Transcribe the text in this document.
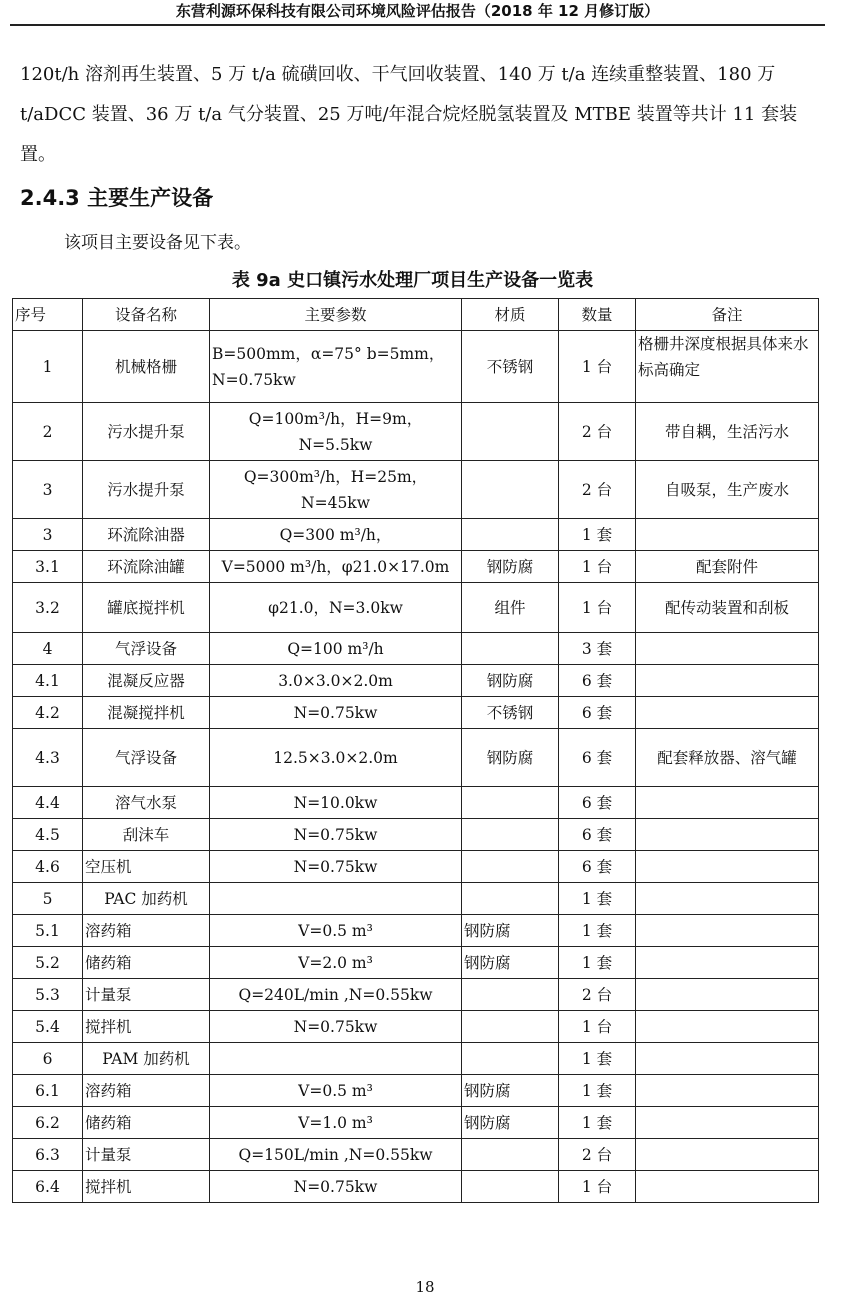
东营利源环保科技有限公司环境风险评估报告（2018 年 12 月修订版）
120t/h 溶剂再生装置、5 万 t/a 硫磺回收、干气回收装置、140 万 t/a 连续重整装置、180 万 t/aDCC 装置、36 万 t/a 气分装置、25 万吨/年混合烷烃脱氢装置及 MTBE 装置等共计 11 套装置。
2.4.3 主要生产设备
该项目主要设备见下表。
表 9a 史口镇污水处理厂项目生产设备一览表
序号	设备名称	主要参数	材质	数量	备注
1	机械格栅	B=500mm，α=75° b=5mm，N=0.75kw	不锈钢	1 台	格栅井深度根据具体来水标高确定
2	污水提升泵	Q=100m³/h，H=9m，N=5.5kw		2 台	带自耦，生活污水
3	污水提升泵	Q=300m³/h，H=25m，N=45kw		2 台	自吸泵，生产废水
3	环流除油器	Q=300 m³/h，		1 套	
3.1	环流除油罐	V=5000 m³/h，φ21.0×17.0m	钢防腐	1 台	配套附件
3.2	罐底搅拌机	φ21.0，N=3.0kw	组件	1 台	配传动装置和刮板
4	气浮设备	Q=100 m³/h		3 套	
4.1	混凝反应器	3.0×3.0×2.0m	钢防腐	6 套	
4.2	混凝搅拌机	N=0.75kw	不锈钢	6 套	
4.3	气浮设备	12.5×3.0×2.0m	钢防腐	6 套	配套释放器、溶气罐
4.4	溶气水泵	N=10.0kw		6 套	
4.5	刮沫车	N=0.75kw		6 套	
4.6	空压机	N=0.75kw		6 套	
5	PAC 加药机			1 套	
5.1	溶药箱	V=0.5 m³	钢防腐	1 套	
5.2	储药箱	V=2.0 m³	钢防腐	1 套	
5.3	计量泵	Q=240L/min ,N=0.55kw		2 台	
5.4	搅拌机	N=0.75kw		1 台	
6	PAM 加药机			1 套	
6.1	溶药箱	V=0.5 m³	钢防腐	1 套	
6.2	储药箱	V=1.0 m³	钢防腐	1 套	
6.3	计量泵	Q=150L/min ,N=0.55kw		2 台	
6.4	搅拌机	N=0.75kw		1 台	
18
